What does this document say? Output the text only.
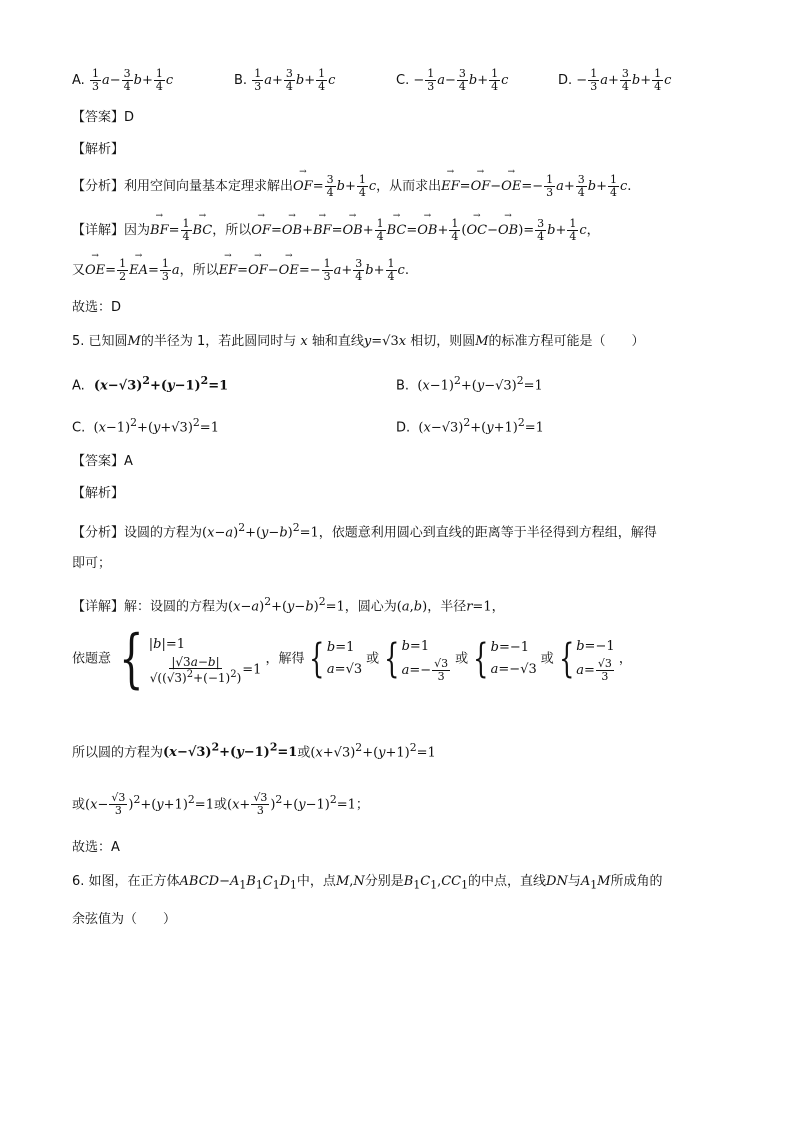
A. $\frac{1}{3} a- \frac{3}{4} b+ \frac{1}{4}$ c	B. $\frac{1}{3} a+ \frac{3}{4} b+ \frac{1}{4}$ c	C. − $\frac{1}{3} a- \frac{3}{4} b+ \frac{1}{4}$ c	D. − $\frac{1}{3} a+ \frac{3}{4} b+ \frac{1}{4}$ c
【答案】D
【解析】
【分析】利用空间向量基本定理求解出→ $OF= \frac{3}{4} b+ \frac{1}{4}$ c，从而求出→ $EF=\to OF-\to OE=- \frac{1}{3} a+ \frac{3}{4} b+ \frac{1}{4} c$.
【详解】因为→ $BF= \frac{1}{4}$
→ BC，所以→ $OF=\to OB+\to BF=\to OB+ \frac{1}{4}$
→ $BC=\to OB+ \frac{1}{4}$ (→ $OC-\to OB)= \frac{3}{4} b+ \frac{1}{4}$ c，
又→ $OE= \frac{1}{2}$
→ $EA= \frac{1}{3}$ a，所以→ $EF=\to OF-\to OE=- \frac{1}{3} a+ \frac{3}{4} b+ \frac{1}{4} c$.
故选：D
5. 已知圆M的半径为 1，若此圆同时与 x 轴和直线y=√3x 相切，则圆M的标准方程可能是（　　）
A.  $(x-√3)^2+(y-1)^2=1$	B.  $(x-1)^2+(y-√3)^2=1$
C.  $(x-1)^2+(y+√3)^2=1$	D.  $(x-√3)^2+(y+1)^2=1$
【答案】A
【解析】
【分析】设圆的方程为$(x-a)^2+(y-b)^2=1$，依题意利用圆心到直线的距离等于半径得到方程组，解得
即可；
【详解】解：设圆的方程为$(x-a)^2+(y-b)^2=1$，圆心为(a,b)，半径r=1，
依题意 { |b|=1
$\frac{|√3a-b|}{√((√3)^2+(-1)^2)} =1$
，解得 { b=1
a=√3
或 { b=1
$a=- \frac{√3}{3}$ 或 { b=−1
a=−√3
或 { b=−1
$a= \frac{√3}{3}$ ，
所以圆的方程为$(x-√3)^2+(y-1)^2=1$或$(x+√3)^2+(y+1)^2=1$
或$(x- \frac{√3}{3} )^2+(y+1)^2=1$或$(x+ \frac{√3}{3} )^2+(y-1)^2=1$；
故选：A
6. 如图，在正方体$ABCD-A_1B_1C_1D_1$中，点M,N分别是$B_1C_1,CC_1$的中点，直线DN与$A_1M$所成角的
余弦值为（　　）
